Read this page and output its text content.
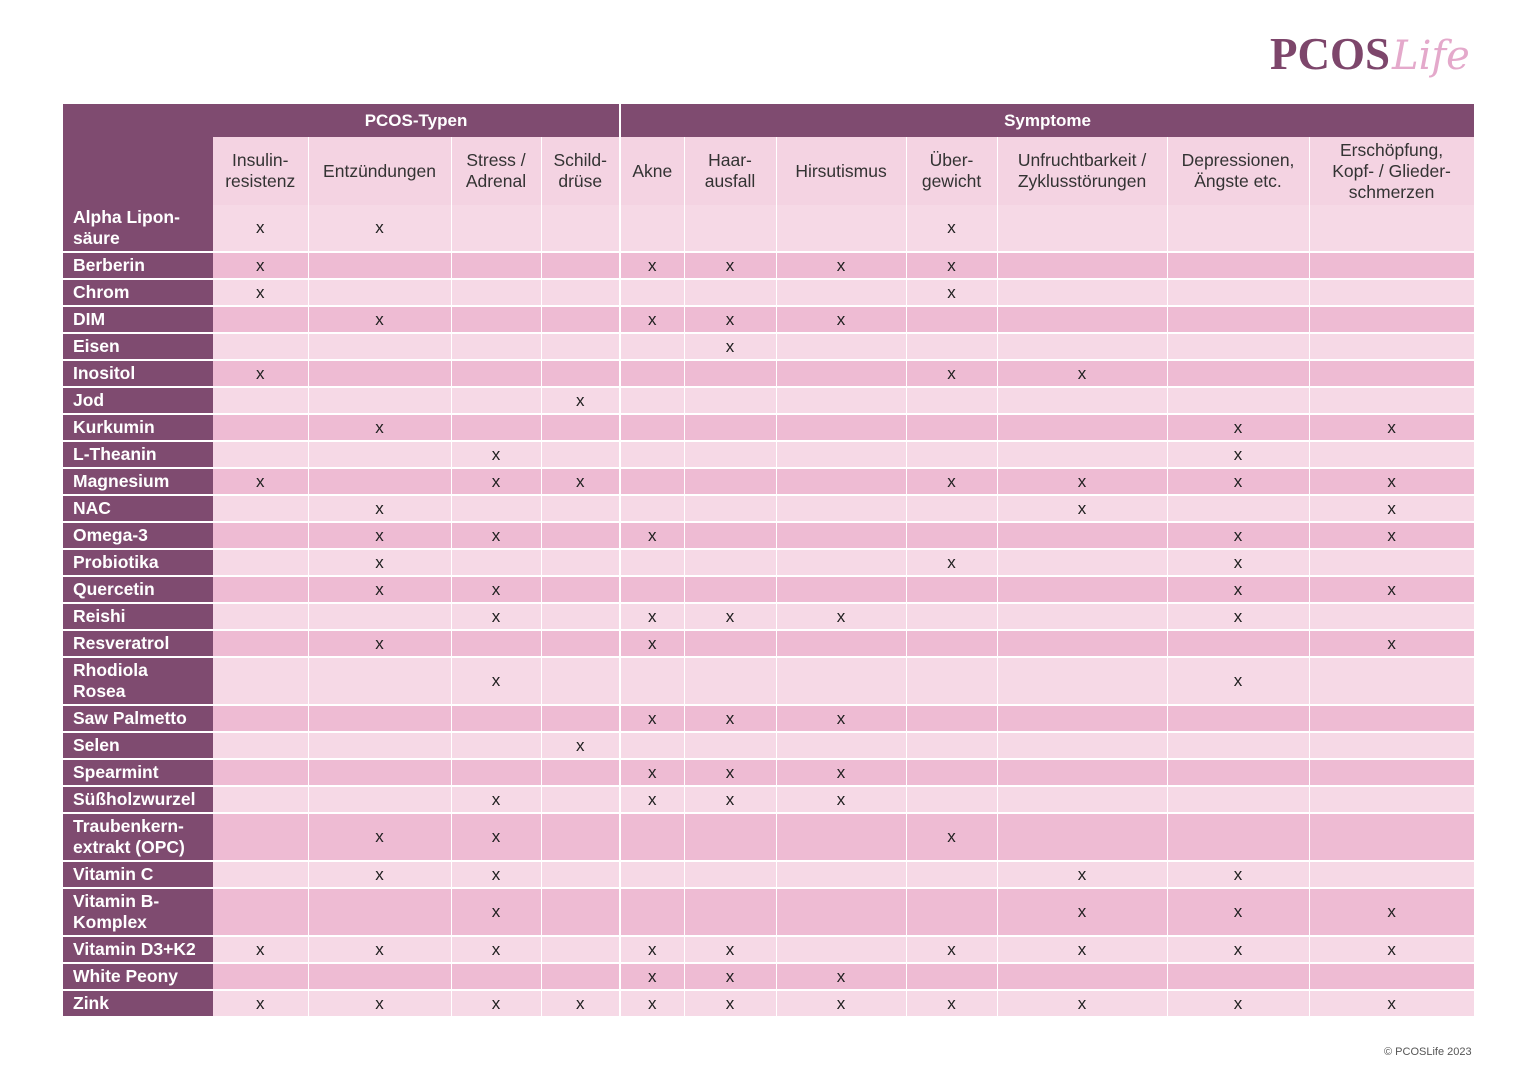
PCOSLife
	PCOS-Typen				Symptome						
	Insulin-
resistenz	Entzündungen	Stress /
Adrenal	Schild-
drüse	Akne	Haar-
ausfall	Hirsutismus	Über-
gewicht	Unfruchtbarkeit /
Zyklusstörungen	Depressionen,
Ängste etc.	Erschöpfung,
Kopf- / Glieder-
schmerzen
Alpha Lipon-
säure	x	x						x			
Berberin	x				x	x	x	x			
Chrom	x							x			
DIM		x			x	x	x				
Eisen						x					
Inositol	x							x	x		
Jod				x							
Kurkumin		x								x	x
L-Theanin			x							x	
Magnesium	x		x	x				x	x	x	x
NAC		x							x		x
Omega-3		x	x		x					x	x
Probiotika		x						x		x	
Quercetin		x	x							x	x
Reishi			x		x	x	x			x	
Resveratrol		x			x						x
Rhodiola
Rosea			x							x	
Saw Palmetto					x	x	x				
Selen				x							
Spearmint					x	x	x				
Süßholzwurzel			x		x	x	x				
Traubenkern-
extrakt (OPC)		x	x					x			
Vitamin C		x	x						x	x	
Vitamin B-
Komplex			x						x	x	x
Vitamin D3+K2	x	x	x		x	x		x	x	x	x
White Peony					x	x	x				
Zink	x	x	x	x	x	x	x	x	x	x	x
© PCOSLife 2023
